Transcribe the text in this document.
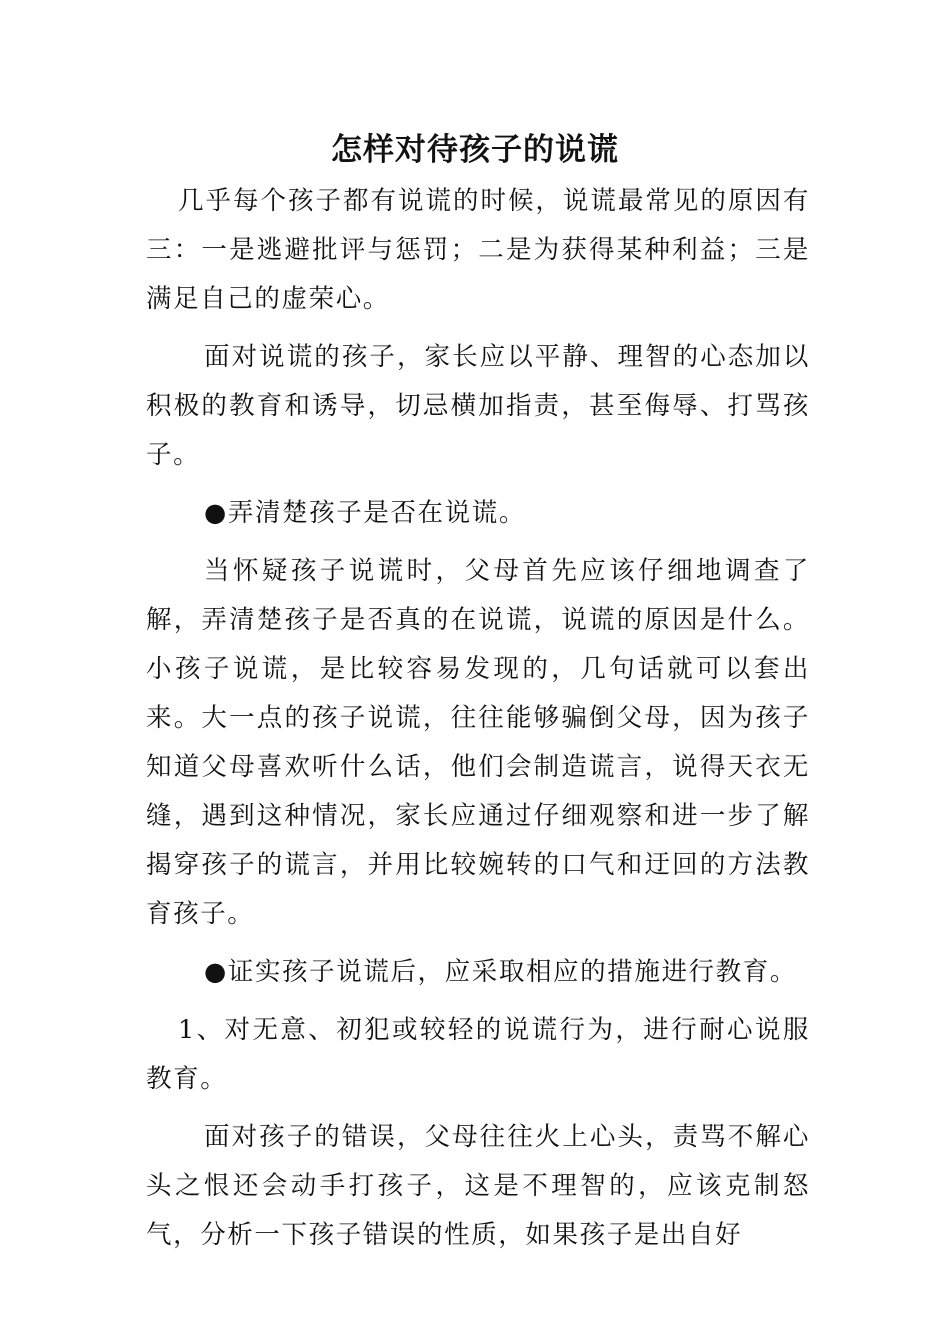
怎样对待孩子的说谎

几乎每个孩子都有说谎的时候，说谎最常见的原因有三：一是逃避批评与惩罚；二是为获得某种利益；三是满足自己的虚荣心。

面对说谎的孩子，家长应以平静、理智的心态加以积极的教育和诱导，切忌横加指责，甚至侮辱、打骂孩子。

●弄清楚孩子是否在说谎。

当怀疑孩子说谎时，父母首先应该仔细地调查了解，弄清楚孩子是否真的在说谎，说谎的原因是什么。小孩子说谎，是比较容易发现的，几句话就可以套出来。大一点的孩子说谎，往往能够骗倒父母，因为孩子知道父母喜欢听什么话，他们会制造谎言，说得天衣无缝，遇到这种情况，家长应通过仔细观察和进一步了解揭穿孩子的谎言，并用比较婉转的口气和迂回的方法教育孩子。

●证实孩子说谎后，应采取相应的措施进行教育。

1、对无意、初犯或较轻的说谎行为，进行耐心说服教育。

面对孩子的错误，父母往往火上心头，责骂不解心头之恨还会动手打孩子，这是不理智的，应该克制怒气，分析一下孩子错误的性质，如果孩子是出自好
